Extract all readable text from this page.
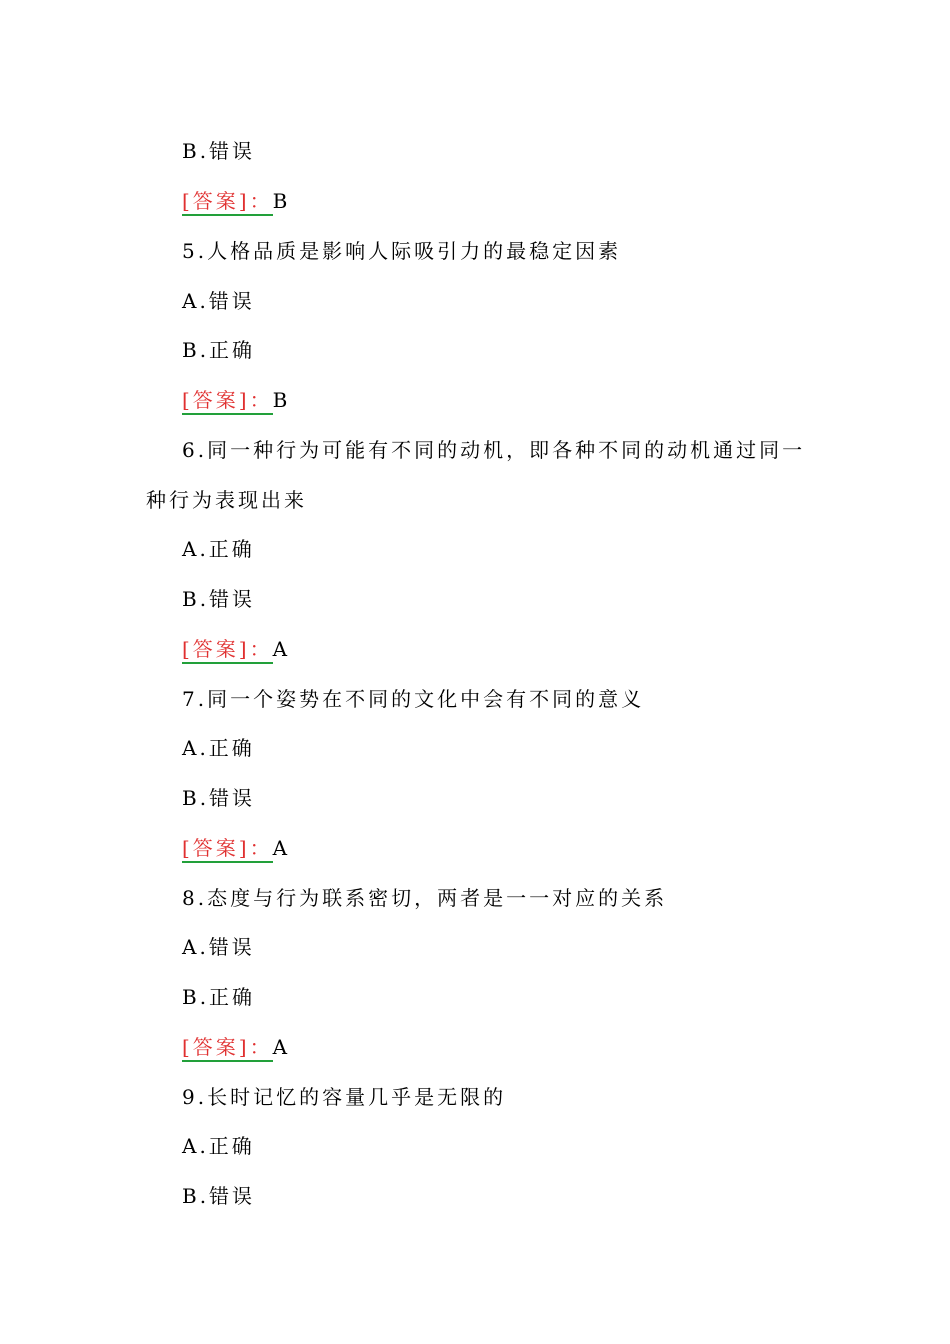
B.错误
[答案]：B
5.人格品质是影响人际吸引力的最稳定因素
A.错误
B.正确
[答案]：B
6.同一种行为可能有不同的动机，即各种不同的动机通过同一
种行为表现出来
A.正确
B.错误
[答案]：A
7.同一个姿势在不同的文化中会有不同的意义
A.正确
B.错误
[答案]：A
8.态度与行为联系密切，两者是一一对应的关系
A.错误
B.正确
[答案]：A
9.长时记忆的容量几乎是无限的
A.正确
B.错误
